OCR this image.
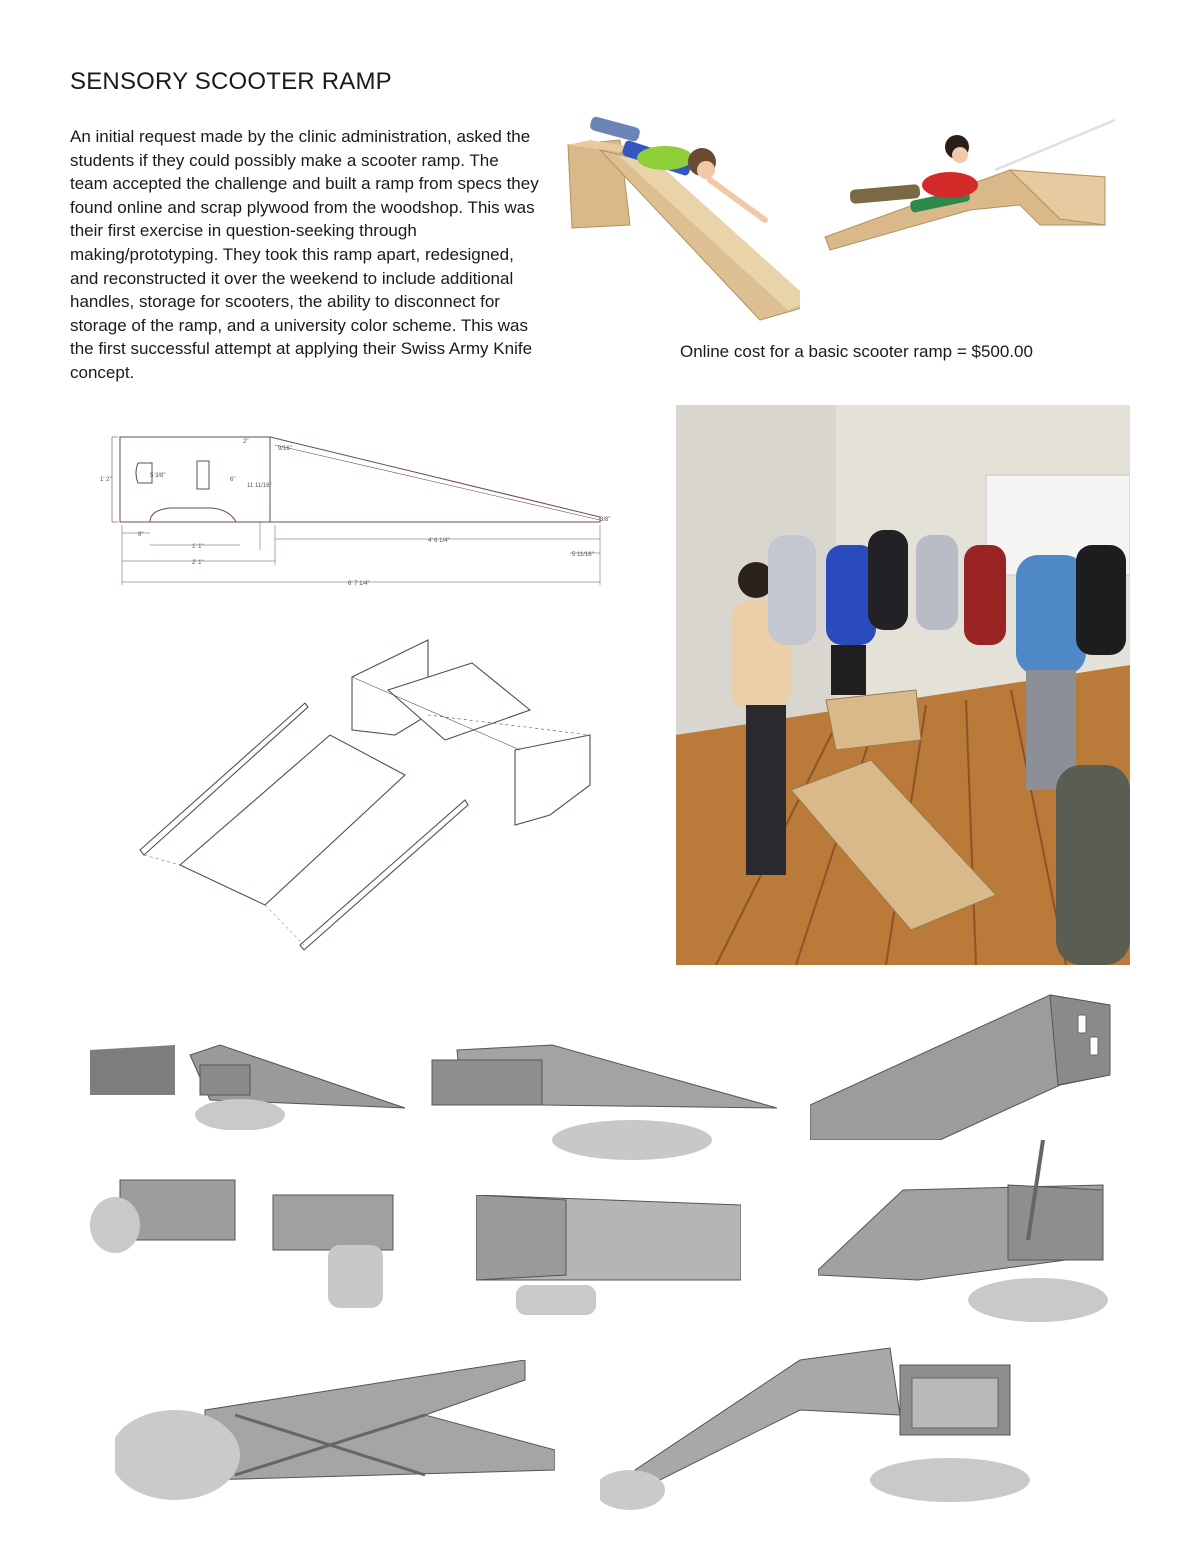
SENSORY SCOOTER RAMP

An initial request made by the clinic administration, asked the students if they could possibly make a scooter ramp. The team accepted the challenge and built a ramp from specs they found online and scrap plywood from the woodshop. This was their first exercise in question-seeking through making/prototyping. They took this ramp apart, redesigned, and reconstructed it over the weekend to include additional handles, storage for scooters, the ability to disconnect for storage of the ramp, and a university color scheme. This was the first successful attempt at applying their Swiss Army Knife concept.

Online cost for a basic scooter ramp = $500.00
2"
9/16"
1' 2"
5 3/8"
6"
11 11/16"
6"
1' 1"
2' 1"
4' 6 1/4"
5 11/16"
3/8"
6' 7 1/4"
